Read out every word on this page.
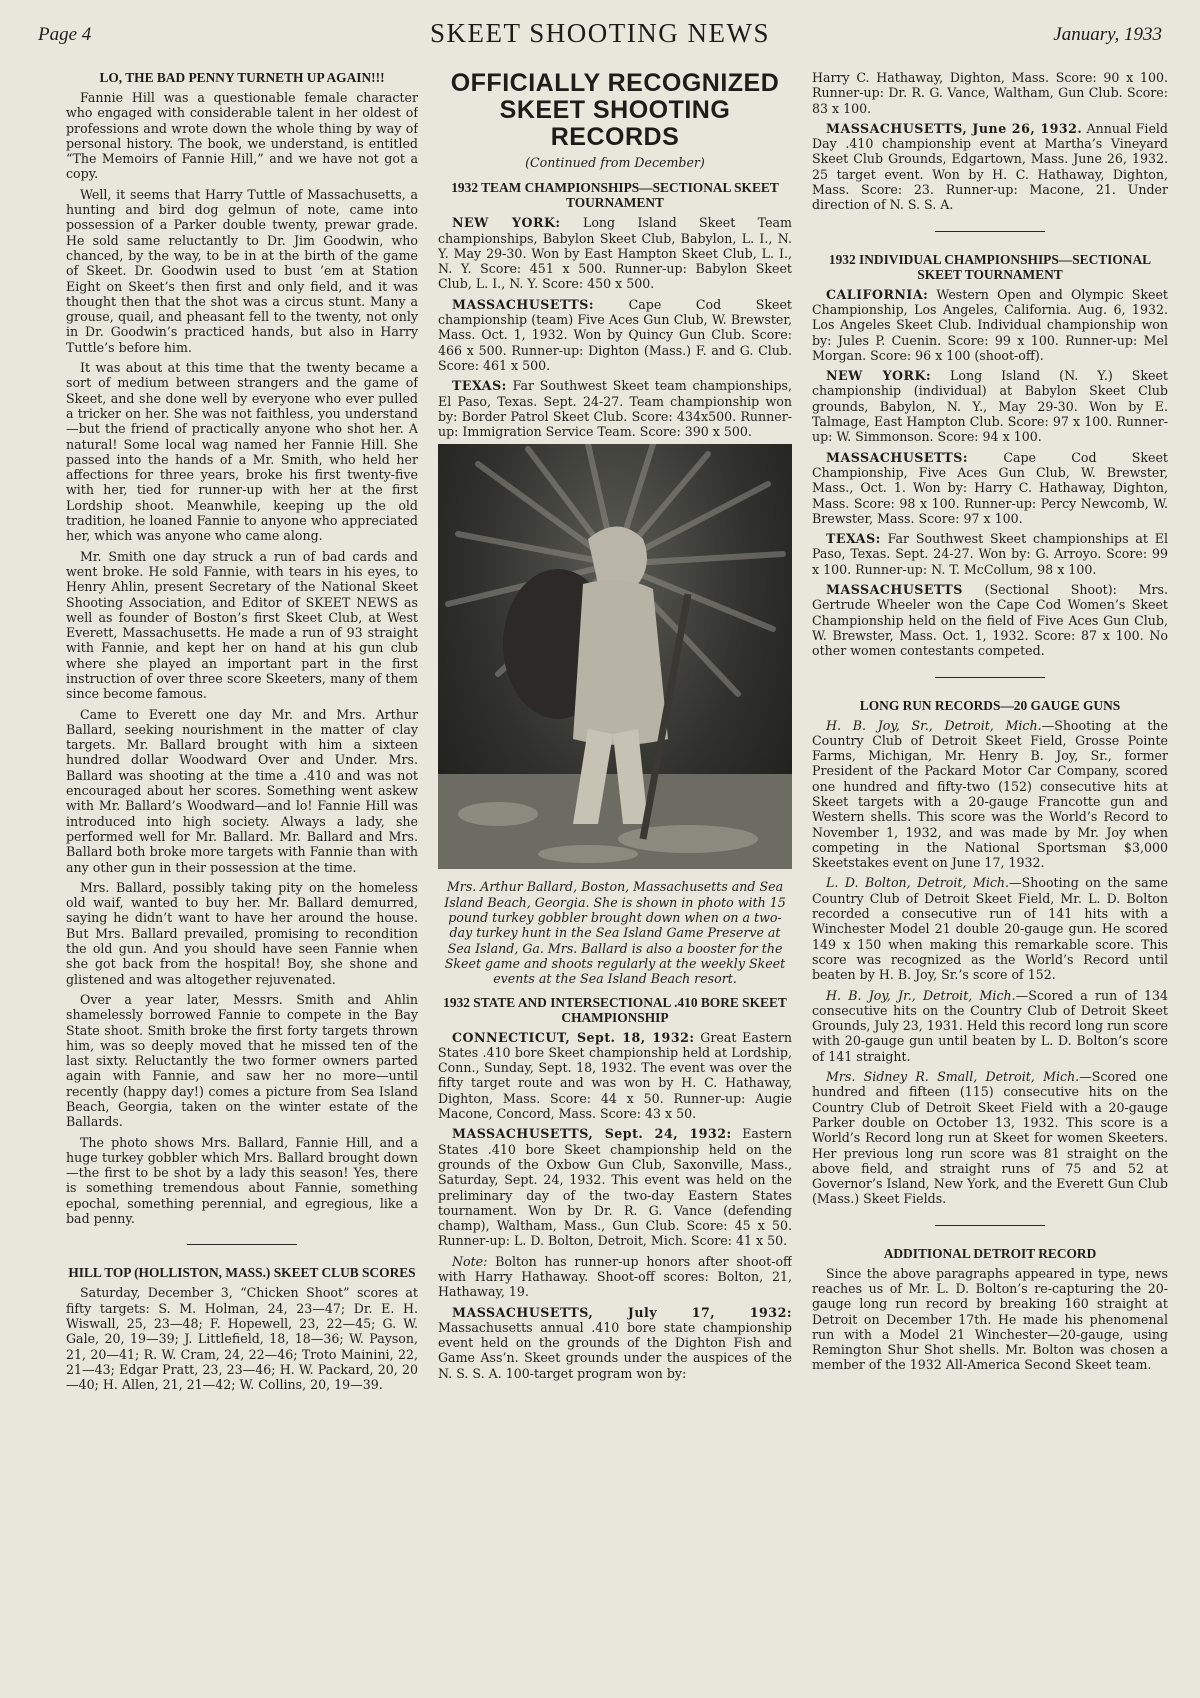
Page 4	SKEET SHOOTING NEWS	January, 1933
LO, THE BAD PENNY TURNETH UP AGAIN!!!

Fannie Hill was a questionable female character who engaged with considerable talent in her oldest of professions and wrote down the whole thing by way of personal history. The book, we understand, is entitled “The Memoirs of Fannie Hill,” and we have not got a copy.

Well, it seems that Harry Tuttle of Massachusetts, a hunting and bird dog gelmun of note, came into possession of a Parker double twenty, prewar grade. He sold same reluctantly to Dr. Jim Goodwin, who chanced, by the way, to be in at the birth of the game of Skeet. Dr. Goodwin used to bust ’em at Station Eight on Skeet’s then first and only field, and it was thought then that the shot was a circus stunt. Many a grouse, quail, and pheasant fell to the twenty, not only in Dr. Goodwin’s practiced hands, but also in Harry Tuttle’s before him.

It was about at this time that the twenty became a sort of medium between strangers and the game of Skeet, and she done well by everyone who ever pulled a tricker on her. She was not faithless, you understand —but the friend of practically anyone who shot her. A natural! Some local wag named her Fannie Hill. She passed into the hands of a Mr. Smith, who held her affections for three years, broke his first twenty-five with her, tied for runner-up with her at the first Lordship shoot. Meanwhile, keeping up the old tradition, he loaned Fannie to anyone who appreciated her, which was anyone who came along.

Mr. Smith one day struck a run of bad cards and went broke. He sold Fannie, with tears in his eyes, to Henry Ahlin, present Secretary of the National Skeet Shooting Association, and Editor of SKEET NEWS as well as founder of Boston’s first Skeet Club, at West Everett, Massachusetts. He made a run of 93 straight with Fannie, and kept her on hand at his gun club where she played an important part in the first instruction of over three score Skeeters, many of them since become famous.

Came to Everett one day Mr. and Mrs. Arthur Ballard, seeking nourishment in the matter of clay targets. Mr. Ballard brought with him a sixteen hundred dollar Woodward Over and Under. Mrs. Ballard was shooting at the time a .410 and was not encouraged about her scores. Something went askew with Mr. Ballard’s Woodward—and lo! Fannie Hill was introduced into high society. Always a lady, she performed well for Mr. Ballard. Mr. Ballard and Mrs. Ballard both broke more targets with Fannie than with any other gun in their possession at the time.

Mrs. Ballard, possibly taking pity on the homeless old waif, wanted to buy her. Mr. Ballard demurred, saying he didn’t want to have her around the house. But Mrs. Ballard prevailed, promising to recondition the old gun. And you should have seen Fannie when she got back from the hospital! Boy, she shone and glistened and was altogether rejuvenated.

Over a year later, Messrs. Smith and Ahlin shamelessly borrowed Fannie to compete in the Bay State shoot. Smith broke the first forty targets thrown him, was so deeply moved that he missed ten of the last sixty. Reluctantly the two former owners parted again with Fannie, and saw her no more—until recently (happy day!) comes a picture from Sea Island Beach, Georgia, taken on the winter estate of the Ballards.

The photo shows Mrs. Ballard, Fannie Hill, and a huge turkey gobbler which Mrs. Ballard brought down—the first to be shot by a lady this season! Yes, there is something tremendous about Fannie, something epochal, something perennial, and egregious, like a bad penny.

HILL TOP (HOLLISTON, MASS.) SKEET CLUB SCORES

Saturday, December 3, “Chicken Shoot” scores at fifty targets: S. M. Holman, 24, 23—47; Dr. E. H. Wiswall, 25, 23—48; F. Hopewell, 23, 22—45; G. W. Gale, 20, 19—39; J. Littlefield, 18, 18—36; W. Payson, 21, 20—41; R. W. Cram, 24, 22—46; Troto Mainini, 22, 21—43; Edgar Pratt, 23, 23—46; H. W. Packard, 20, 20—40; H. Allen, 21, 21—42; W. Collins, 20, 19—39.

OFFICIALLY RECOGNIZED SKEET SHOOTING RECORDS
(Continued from December)
1932 TEAM CHAMPIONSHIPS—SECTIONAL SKEET TOURNAMENT

NEW YORK: Long Island Skeet Team championships, Babylon Skeet Club, Babylon, L. I., N. Y. May 29-30. Won by East Hampton Skeet Club, L. I., N. Y. Score: 451 x 500. Runner-up: Babylon Skeet Club, L. I., N. Y. Score: 450 x 500.

MASSACHUSETTS:	Cape Cod Skeet championship (team) Five Aces Gun Club, W. Brewster, Mass. Oct. 1, 1932. Won by Quincy Gun Club. Score: 466 x 500. Runner-up: Dighton (Mass.) F. and G. Club. Score: 461 x 500.

TEXAS: Far Southwest Skeet team championships, El Paso, Texas. Sept. 24-27. Team championship won by: Border Patrol Skeet Club. Score: 434x500. Runner-up: Immigration Service Team. Score: 390 x 500.

Mrs. Arthur Ballard, Boston, Massachusetts and Sea Island Beach, Georgia. She is shown in photo with 15 pound turkey gobbler brought down when on a two-day turkey hunt in the Sea Island Game Preserve at Sea Island, Ga. Mrs. Ballard is also a booster for the Skeet game and shoots regularly at the weekly Skeet events at the Sea Island Beach resort.
1932 STATE AND INTERSECTIONAL .410 BORE SKEET CHAMPIONSHIP

CONNECTICUT, Sept. 18, 1932: Great Eastern States .410 bore Skeet championship held at Lordship, Conn., Sunday, Sept. 18, 1932. The event was over the fifty target route and was won by H. C. Hathaway, Dighton, Mass. Score: 44 x 50. Runner-up: Augie Macone, Concord, Mass. Score: 43 x 50.

MASSACHUSETTS, Sept. 24, 1932: Eastern States .410 bore Skeet championship held on the grounds of the Oxbow Gun Club, Saxonville, Mass., Saturday, Sept. 24, 1932. This event was held on the preliminary day of the two-day Eastern States tournament. Won by Dr. R. G. Vance (defending champ), Waltham, Mass., Gun Club. Score: 45 x 50. Runner-up: L. D. Bolton, Detroit, Mich. Score: 41 x 50.

Note: Bolton has runner-up honors after shoot-off with Harry Hathaway. Shoot-off scores: Bolton, 21, Hathaway, 19.

MASSACHUSETTS, July 17, 1932: Massachusetts annual .410 bore state championship event held on the grounds of the Dighton Fish and Game Ass’n. Skeet grounds under the auspices of the N. S. S. A. 100-target program won by:

Harry C. Hathaway, Dighton, Mass. Score: 90 x 100. Runner-up: Dr. R. G. Vance, Waltham, Gun Club. Score: 83 x 100.

MASSACHUSETTS, June 26, 1932. Annual Field Day .410 championship event at Martha’s Vineyard Skeet Club Grounds, Edgartown, Mass. June 26, 1932. 25 target event. Won by H. C. Hathaway, Dighton, Mass. Score: 23. Runner-up: Macone, 21. Under direction of N. S. S. A.

1932 INDIVIDUAL CHAMPIONSHIPS—SECTIONAL SKEET TOURNAMENT

CALIFORNIA: Western Open and Olympic Skeet Championship, Los Angeles, California. Aug. 6, 1932. Los Angeles Skeet Club. Individual championship won by: Jules P. Cuenin. Score: 99 x 100. Runner-up: Mel Morgan. Score: 96 x 100 (shoot-off).

NEW YORK: Long Island (N. Y.) Skeet championship (individual) at Babylon Skeet Club grounds, Babylon, N. Y., May 29-30. Won by E. Talmage, East Hampton Club. Score: 97 x 100. Runner-up: W. Simmonson. Score: 94 x 100.

MASSACHUSETTS:	Cape Cod Skeet Championship, Five Aces Gun Club, W. Brewster, Mass., Oct. 1. Won by: Harry C. Hathaway, Dighton, Mass. Score: 98 x 100. Runner-up: Percy Newcomb, W. Brewster, Mass. Score: 97 x 100.

TEXAS: Far Southwest Skeet championships at El Paso, Texas. Sept. 24-27. Won by: G. Arroyo. Score: 99 x 100. Runner-up: N. T. McCollum, 98 x 100.

MASSACHUSETTS (Sectional Shoot): Mrs. Gertrude Wheeler won the Cape Cod Women’s Skeet Championship held on the field of Five Aces Gun Club, W. Brewster, Mass. Oct. 1, 1932. Score: 87 x 100. No other women contestants competed.

LONG RUN RECORDS—20 GAUGE GUNS

H. B. Joy, Sr., Detroit, Mich.—Shooting at the Country Club of Detroit Skeet Field, Grosse Pointe Farms, Michigan, Mr. Henry B. Joy, Sr., former President of the Packard Motor Car Company, scored one hundred and fifty-two (152) consecutive hits at Skeet targets with a 20-gauge Francotte gun and Western shells. This score was the World’s Record to November 1, 1932, and was made by Mr. Joy when competing in the National Sportsman $3,000 Skeetstakes event on June 17, 1932.

L. D. Bolton, Detroit, Mich.—Shooting on the same Country Club of Detroit Skeet Field, Mr. L. D. Bolton recorded a consecutive run of 141 hits with a Winchester Model 21 double 20-gauge gun. He scored 149 x 150 when making this remarkable score. This score was recognized as the World’s Record until beaten by H. B. Joy, Sr.’s score of 152.

H. B. Joy, Jr., Detroit, Mich.—Scored a run of 134 consecutive hits on the Country Club of Detroit Skeet Grounds, July 23, 1931. Held this record long run score with 20-gauge gun until beaten by L. D. Bolton’s score of 141 straight.

Mrs. Sidney R. Small, Detroit, Mich.—Scored one hundred and fifteen (115) consecutive hits on the Country Club of Detroit Skeet Field with a 20-gauge Parker double on October 13, 1932. This score is a World’s Record long run at Skeet for women Skeeters. Her previous long run score was 81 straight on the above field, and straight runs of 75 and 52 at Governor’s Island, New York, and the Everett Gun Club (Mass.) Skeet Fields.

ADDITIONAL DETROIT RECORD

Since the above paragraphs appeared in type, news reaches us of Mr. L. D. Bolton’s re-capturing the 20-gauge long run record by breaking 160 straight at Detroit on December 17th. He made his phenomenal run with a Model 21 Winchester—20-gauge, using Remington Shur Shot shells. Mr. Bolton was chosen a member of the 1932 All-America Second Skeet team.
